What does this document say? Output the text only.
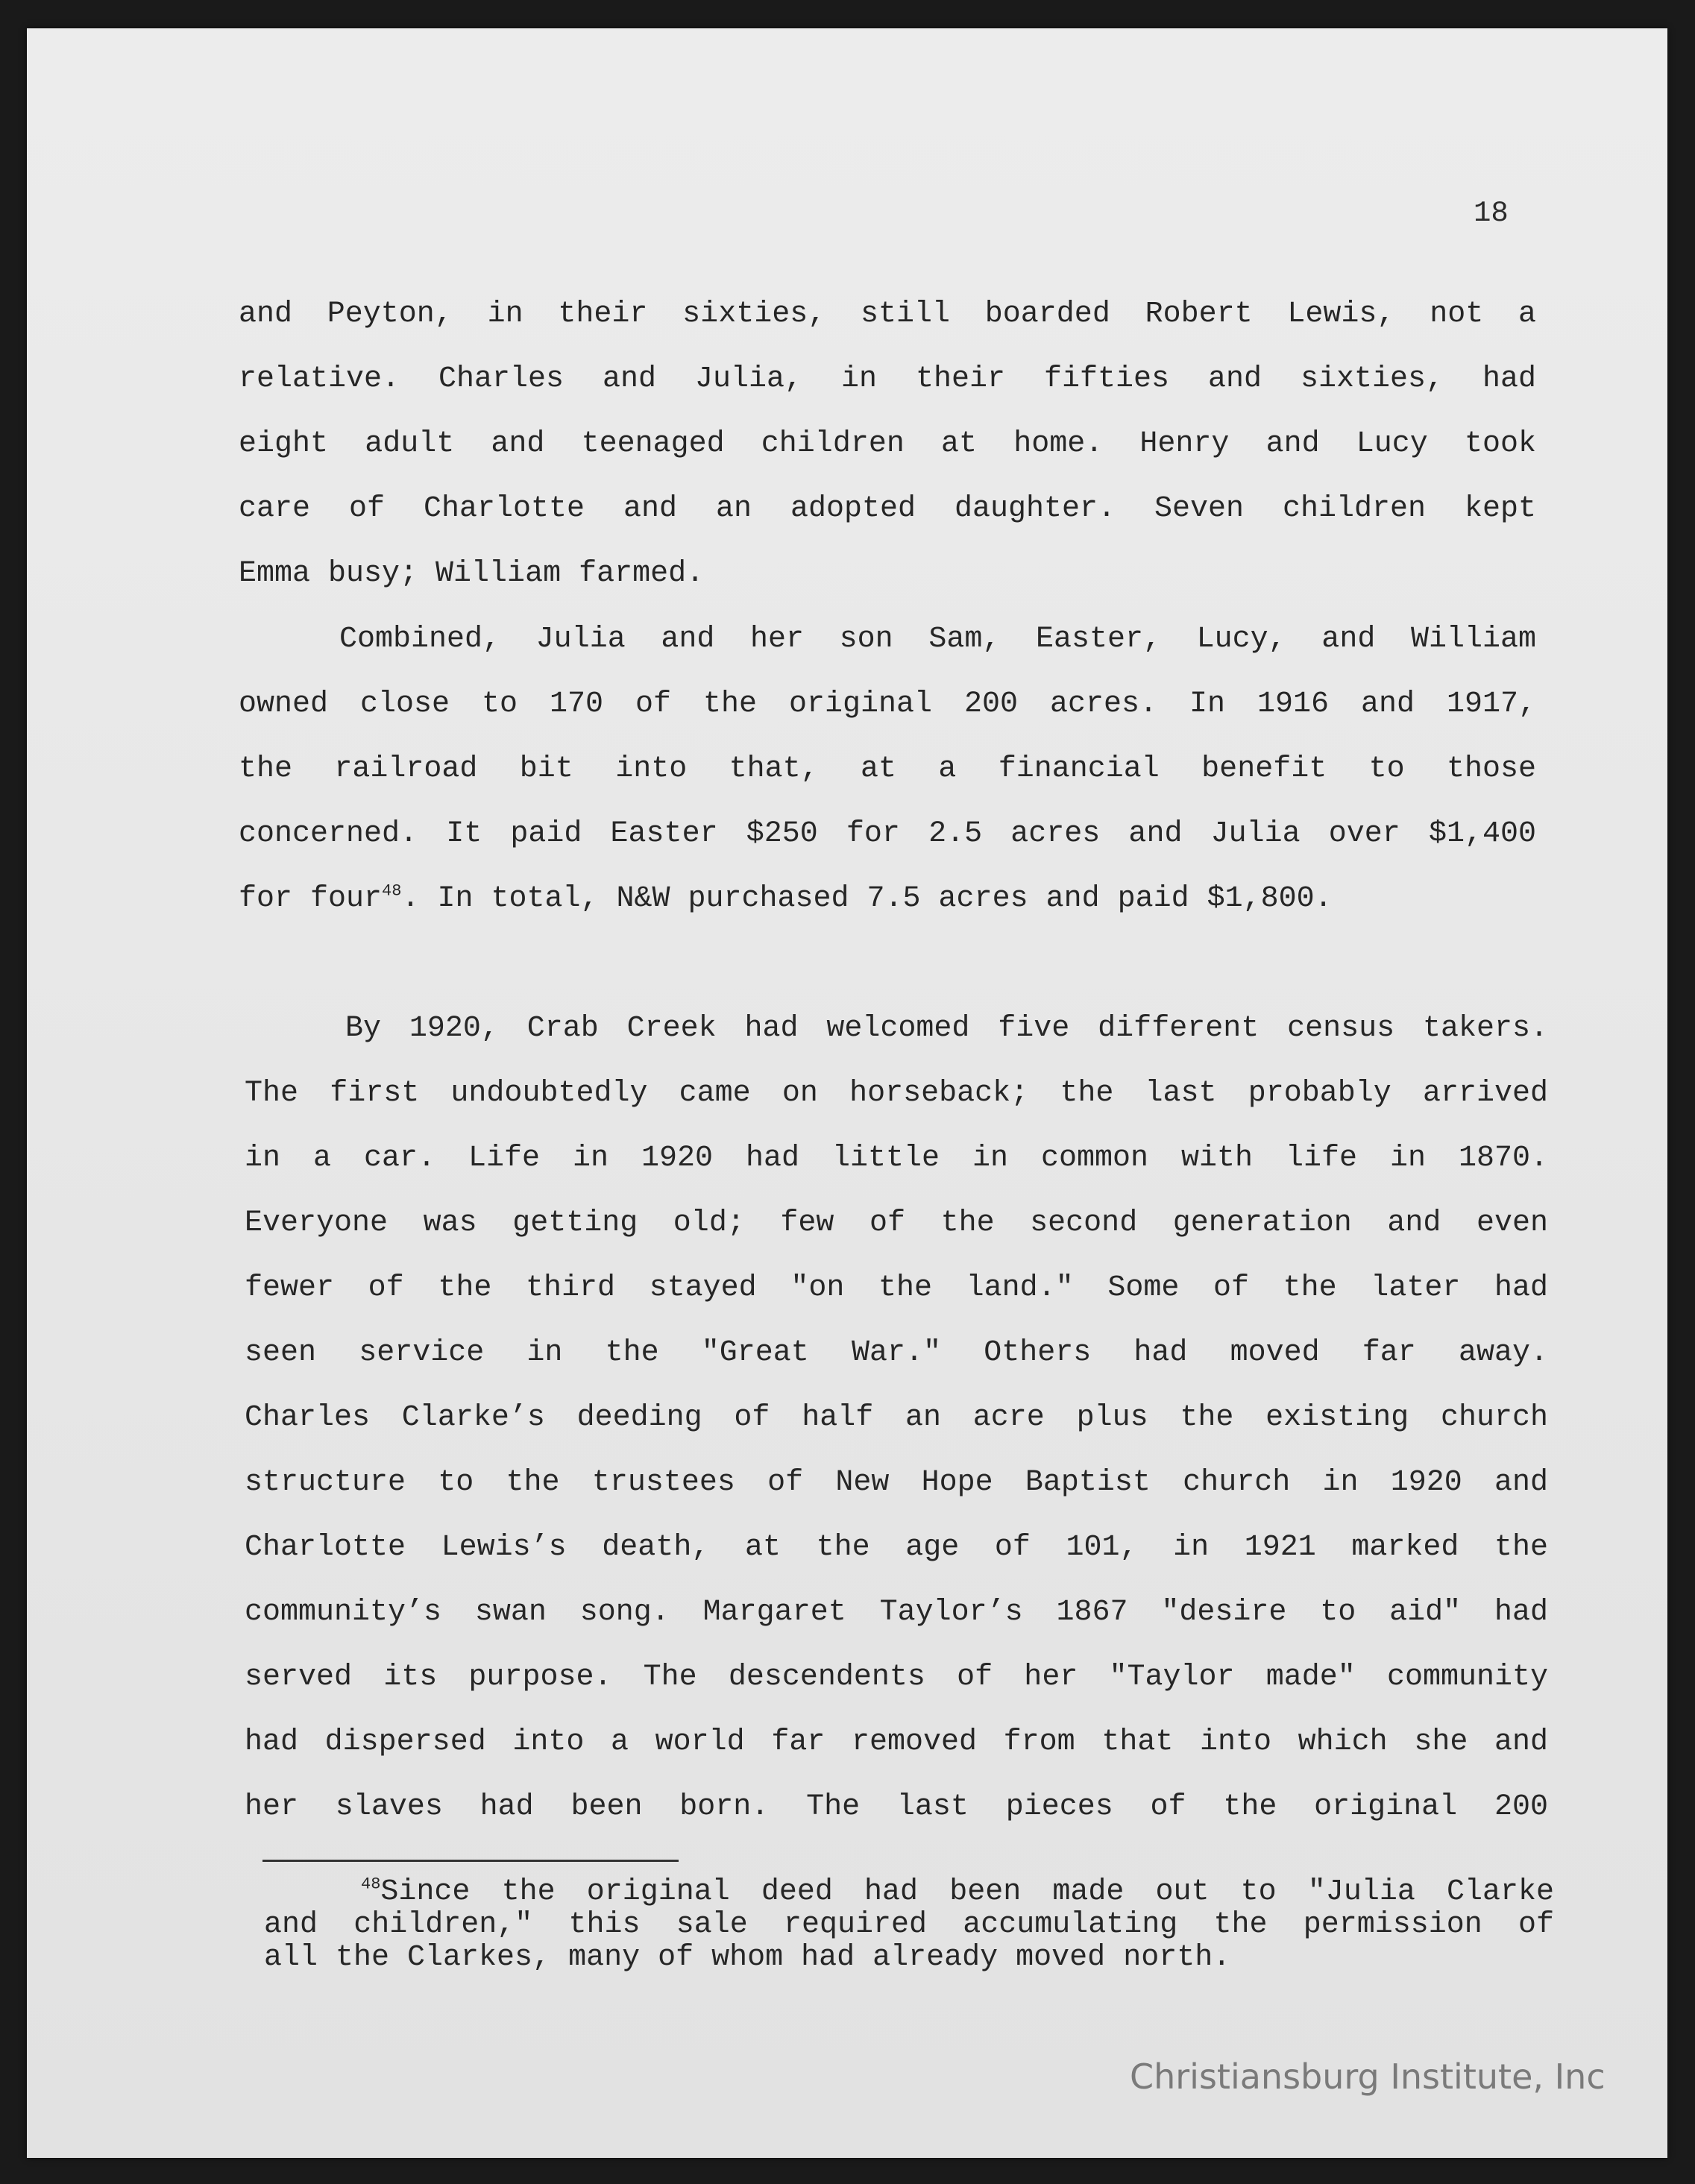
18
and Peyton, in their sixties, still boarded Robert Lewis, not a
relative. Charles and Julia, in their fifties and sixties, had
eight adult and teenaged children at home. Henry and Lucy took
care of Charlotte and an adopted daughter. Seven children kept
Emma busy; William farmed.
Combined, Julia and her son Sam, Easter, Lucy, and William
owned close to 170 of the original 200 acres. In 1916 and 1917,
the railroad bit into that, at a financial benefit to those
concerned. It paid Easter $250 for 2.5 acres and Julia over $1,400
for four$^{48}$. In total, N&W purchased 7.5 acres and paid $1,800.
By 1920, Crab Creek had welcomed five different census takers.
The first undoubtedly came on horseback; the last probably arrived
in a car. Life in 1920 had little in common with life in 1870.
Everyone was getting old; few of the second generation and even
fewer of the third stayed "on the land." Some of the later had
seen service in the "Great War." Others had moved far away.
Charles Clarke’s deeding of half an acre plus the existing church
structure to the trustees of New Hope Baptist church in 1920 and
Charlotte Lewis’s death, at the age of 101, in 1921 marked the
community’s swan song. Margaret Taylor’s 1867 "desire to aid" had
served its purpose. The descendents of her "Taylor made" community
had dispersed into a world far removed from that into which she and
her slaves had been born. The last pieces of the original 200
$^{48}$Since the original deed had been made out to "Julia Clarke
and children," this sale required accumulating the permission of
all the Clarkes, many of whom had already moved north.
Christiansburg Institute, Inc
